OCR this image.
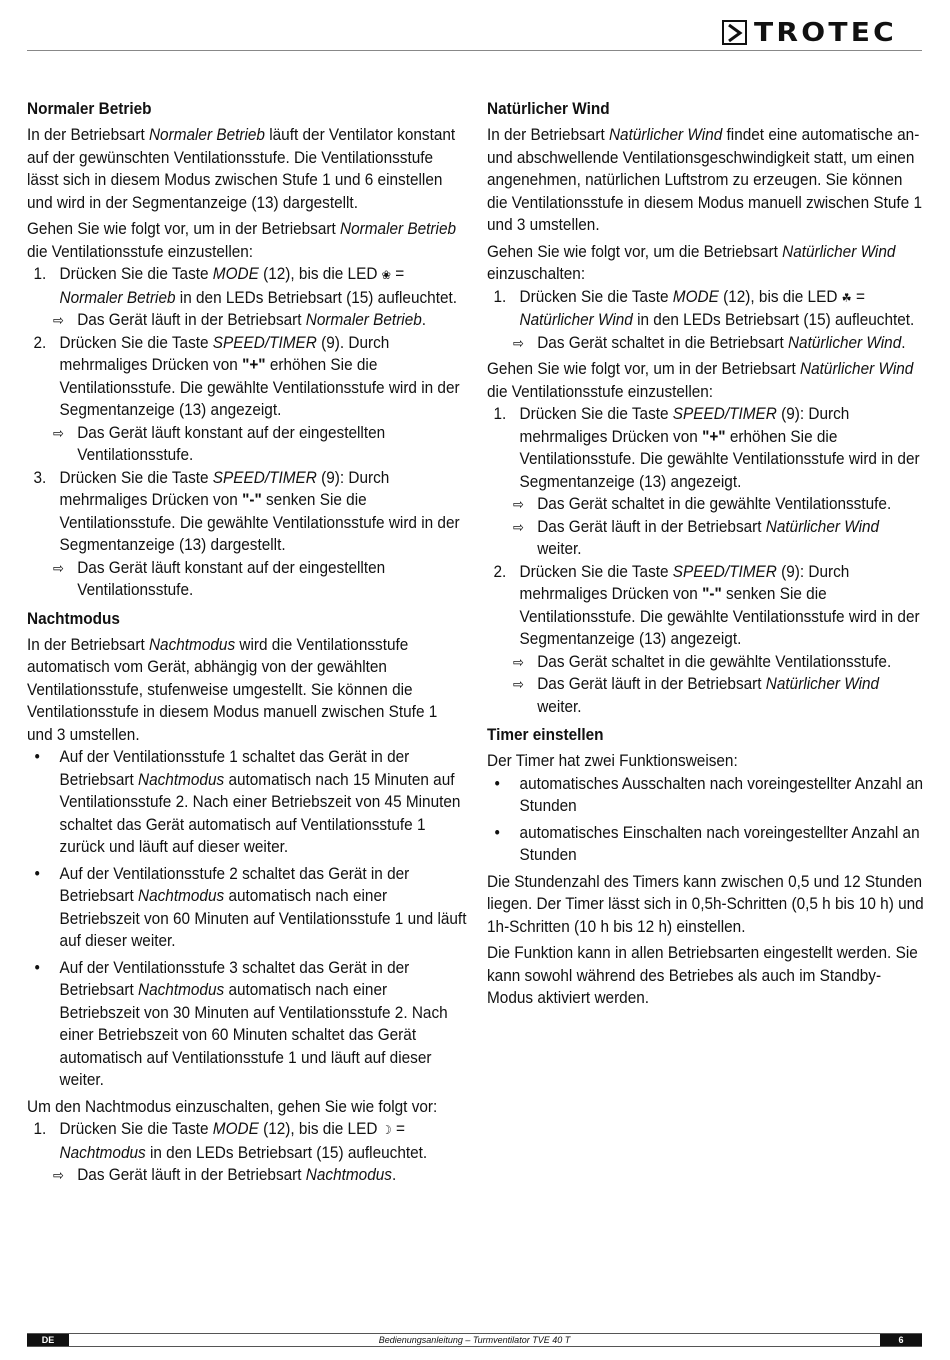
TROTEC
Normaler Betrieb

In der Betriebsart Normaler Betrieb läuft der Ventilator konstant auf der gewünschten Ventilationsstufe. Die Ventilationsstufe lässt sich in diesem Modus zwischen Stufe 1 und 6 einstellen und wird in der Segmentanzeige (13) dargestellt.

Gehen Sie wie folgt vor, um in der Betriebsart Normaler Betrieb die Ventilationsstufe einzustellen:

1. Drücken Sie die Taste MODE (12), bis die LED ❀ = Normaler Betrieb in den LEDs Betriebsart (15) aufleuchtet.
⇨ Das Gerät läuft in der Betriebsart Normaler Betrieb.
2. Drücken Sie die Taste SPEED/TIMER (9). Durch mehrmaliges Drücken von "+" erhöhen Sie die Ventilationsstufe. Die gewählte Ventilationsstufe wird in der Segmentanzeige (13) angezeigt.
⇨ Das Gerät läuft konstant auf der eingestellten Ventilationsstufe.
3. Drücken Sie die Taste SPEED/TIMER (9): Durch mehrmaliges Drücken von "-" senken Sie die Ventilationsstufe. Die gewählte Ventilationsstufe wird in der Segmentanzeige (13) dargestellt.
⇨ Das Gerät läuft konstant auf der eingestellten Ventilationsstufe.
Nachtmodus

In der Betriebsart Nachtmodus wird die Ventilationsstufe automatisch vom Gerät, abhängig von der gewählten Ventilationsstufe, stufenweise umgestellt. Sie können die Ventilationsstufe in diesem Modus manuell zwischen Stufe 1 und 3 umstellen.

•	Auf der Ventilationsstufe 1 schaltet das Gerät in der Betriebsart Nachtmodus automatisch nach 15 Minuten auf Ventilationsstufe 2. Nach einer Betriebszeit von 45 Minuten schaltet das Gerät automatisch auf Ventilationsstufe 1 zurück und läuft auf dieser weiter.
•	Auf der Ventilationsstufe 2 schaltet das Gerät in der Betriebsart Nachtmodus automatisch nach einer Betriebszeit von 60 Minuten auf Ventilationsstufe 1 und läuft auf dieser weiter.
•	Auf der Ventilationsstufe 3 schaltet das Gerät in der Betriebsart Nachtmodus automatisch nach einer Betriebszeit von 30 Minuten auf Ventilationsstufe 2. Nach einer Betriebszeit von 60 Minuten schaltet das Gerät automatisch auf Ventilationsstufe 1 und läuft auf dieser weiter.

Um den Nachtmodus einzuschalten, gehen Sie wie folgt vor:

1. Drücken Sie die Taste MODE (12), bis die LED ☽ = Nachtmodus in den LEDs Betriebsart (15) aufleuchtet.
⇨ Das Gerät läuft in der Betriebsart Nachtmodus.
Natürlicher Wind

In der Betriebsart Natürlicher Wind findet eine automatische an- und abschwellende Ventilationsgeschwindigkeit statt, um einen angenehmen, natürlichen Luftstrom zu erzeugen. Sie können die Ventilationsstufe in diesem Modus manuell zwischen Stufe 1 und 3 umstellen.

Gehen Sie wie folgt vor, um die Betriebsart Natürlicher Wind einzuschalten:

1. Drücken Sie die Taste MODE (12), bis die LED ☘ = Natürlicher Wind in den LEDs Betriebsart (15) aufleuchtet.
⇨ Das Gerät schaltet in die Betriebsart Natürlicher Wind.

Gehen Sie wie folgt vor, um in der Betriebsart Natürlicher Wind die Ventilationsstufe einzustellen:

1. Drücken Sie die Taste SPEED/TIMER (9): Durch mehrmaliges Drücken von "+" erhöhen Sie die Ventilationsstufe. Die gewählte Ventilationsstufe wird in der Segmentanzeige (13) angezeigt.
⇨ Das Gerät schaltet in die gewählte Ventilationsstufe.
⇨ Das Gerät läuft in der Betriebsart Natürlicher Wind weiter.
2. Drücken Sie die Taste SPEED/TIMER (9): Durch mehrmaliges Drücken von "-" senken Sie die Ventilationsstufe. Die gewählte Ventilationsstufe wird in der Segmentanzeige (13) angezeigt.
⇨ Das Gerät schaltet in die gewählte Ventilationsstufe.
⇨ Das Gerät läuft in der Betriebsart Natürlicher Wind weiter.
Timer einstellen

Der Timer hat zwei Funktionsweisen:

•	automatisches Ausschalten nach voreingestellter Anzahl an Stunden
•	automatisches Einschalten nach voreingestellter Anzahl an Stunden

Die Stundenzahl des Timers kann zwischen 0,5 und 12 Stunden liegen. Der Timer lässt sich in 0,5h-Schritten (0,5 h bis 10 h) und 1h-Schritten (10 h bis 12 h) einstellen.

Die Funktion kann in allen Betriebsarten eingestellt werden. Sie kann sowohl während des Betriebes als auch im Standby-Modus aktiviert werden.

DE	Bedienungsanleitung – Turmventilator TVE 40 T	6
